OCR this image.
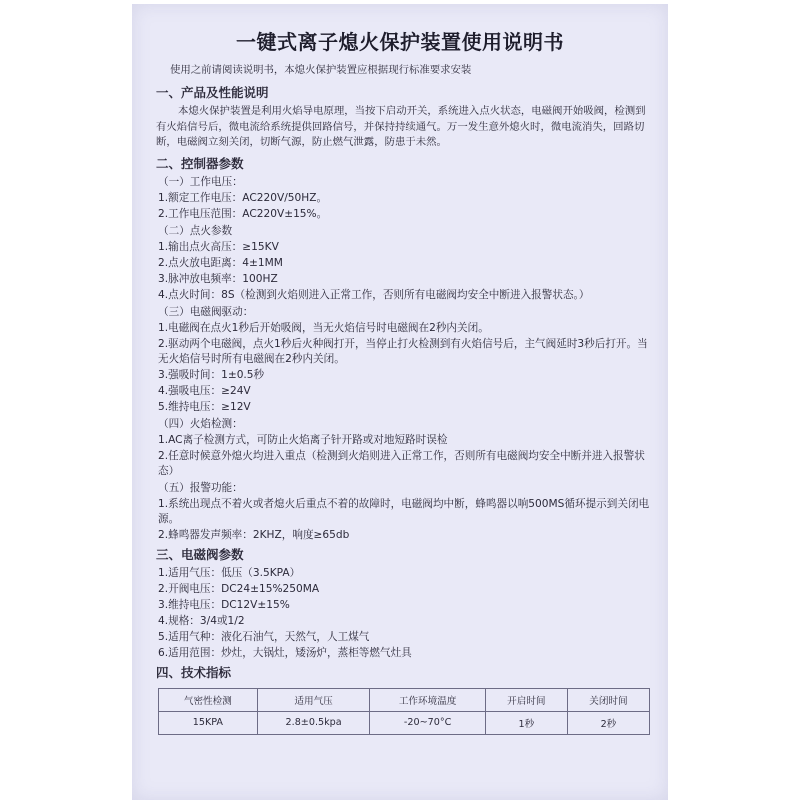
一键式离子熄火保护装置使用说明书
使用之前请阅读说明书，本熄火保护装置应根据现行标准要求安装
一、产品及性能说明
本熄火保护装置是利用火焰导电原理，当按下启动开关，系统进入点火状态，电磁阀开始吸阀，检测到有火焰信号后，微电流给系统提供回路信号，并保持持续通气。万一发生意外熄火时，微电流消失，回路切断，电磁阀立刻关闭，切断气源，防止燃气泄露，防患于未然。
二、控制器参数
（一）工作电压：
1.额定工作电压：AC220V/50HZ。
2.工作电压范围：AC220V±15%。
（二）点火参数
1.输出点火高压：≥15KV
2.点火放电距离：4±1MM
3.脉冲放电频率：100HZ
4.点火时间：8S（检测到火焰则进入正常工作，否则所有电磁阀均安全中断进入报警状态。）
（三）电磁阀驱动：
1.电磁阀在点火1秒后开始吸阀，当无火焰信号时电磁阀在2秒内关闭。
2.驱动两个电磁阀，点火1秒后火种阀打开，当停止打火检测到有火焰信号后，主气阀延时3秒后打开。当无火焰信号时所有电磁阀在2秒内关闭。
3.强吸时间：1±0.5秒
4.强吸电压：≥24V
5.维持电压：≥12V
（四）火焰检测：
1.AC离子检测方式，可防止火焰离子针开路或对地短路时误检
2.任意时候意外熄火均进入重点（检测到火焰则进入正常工作，否则所有电磁阀均安全中断并进入报警状态）
（五）报警功能：
1.系统出现点不着火或者熄火后重点不着的故障时，电磁阀均中断，蜂鸣器以响500MS循环提示到关闭电源。
2.蜂鸣器发声频率：2KHZ，响度≥65db
三、电磁阀参数
1.适用气压：低压（3.5KPA）
2.开阀电压：DC24±15%250MA
3.维持电压：DC12V±15%
4.规格：3/4或1/2
5.适用气种：液化石油气，天然气，人工煤气
6.适用范围：炒灶，大锅灶，矮汤炉，蒸柜等燃气灶具
四、技术指标
气密性检测	适用气压	工作环境温度	开启时间	关闭时间
15KPA	2.8±0.5kpa	-20~70°C	1秒	2秒
